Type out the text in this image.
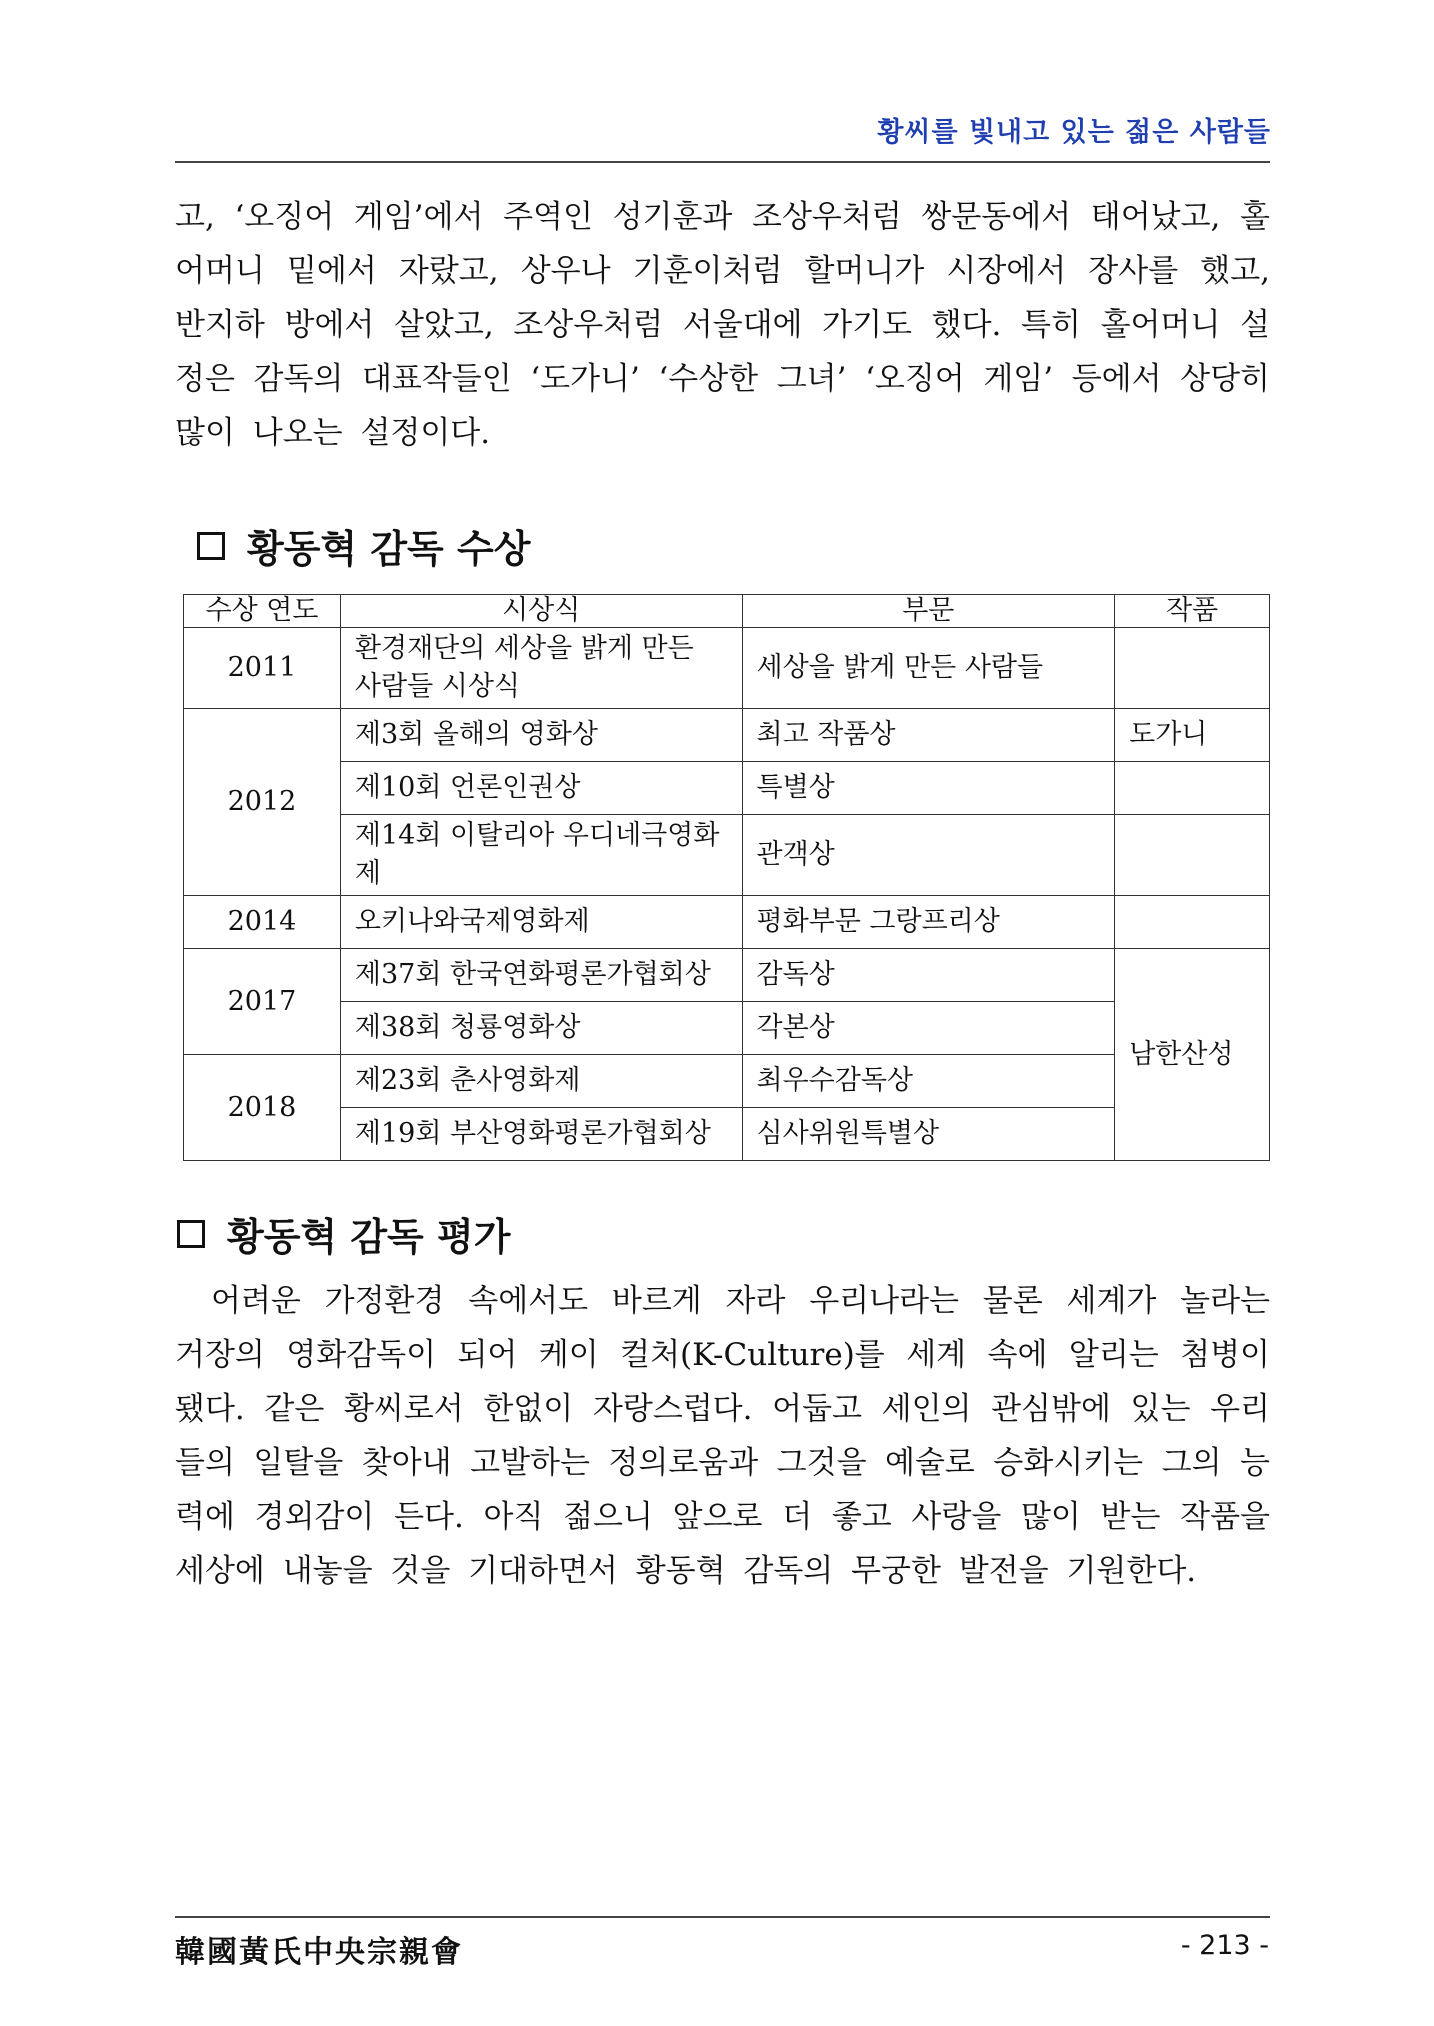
황씨를 빛내고 있는 젊은 사람들

고, ‘오징어 게임’에서 주역인 성기훈과 조상우처럼 쌍문동에서 태어났고, 홀어머니 밑에서 자랐고, 상우나 기훈이처럼 할머니가 시장에서 장사를 했고, 반지하 방에서 살았고, 조상우처럼 서울대에 가기도 했다. 특히 홀어머니 설정은 감독의 대표작들인 ‘도가니’ ‘수상한 그녀’ ‘오징어 게임’ 등에서 상당히 많이 나오는 설정이다.

황동혁 감독 수상
수상 연도	시상식	부문	작품
2011	환경재단의 세상을 밝게 만든 사람들 시상식	세상을 밝게 만든 사람들	
2012	제3회 올해의 영화상	최고 작품상	도가니
	제10회 언론인권상	특별상	
	제14회 이탈리아 우디네극영화제	관객상	
2014	오키나와국제영화제	평화부문 그랑프리상	
2017	제37회 한국연화평론가협회상	감독상	남한산성
	제38회 청룡영화상	각본상	
2018	제23회 춘사영화제	최우수감독상	
	제19회 부산영화평론가협회상	심사위원특별상	
황동혁 감독 평가

어려운 가정환경 속에서도 바르게 자라 우리나라는 물론 세계가 놀라는 거장의 영화감독이 되어 케이 컬처(K-Culture)를 세계 속에 알리는 첨병이 됐다. 같은 황씨로서 한없이 자랑스럽다. 어둡고 세인의 관심밖에 있는 우리들의 일탈을 찾아내 고발하는 정의로움과 그것을 예술로 승화시키는 그의 능력에 경외감이 든다. 아직 젊으니 앞으로 더 좋고 사랑을 많이 받는 작품을 세상에 내놓을 것을 기대하면서 황동혁 감독의 무궁한 발전을 기원한다.

韓國黃氏中央宗親會	- 213 -
